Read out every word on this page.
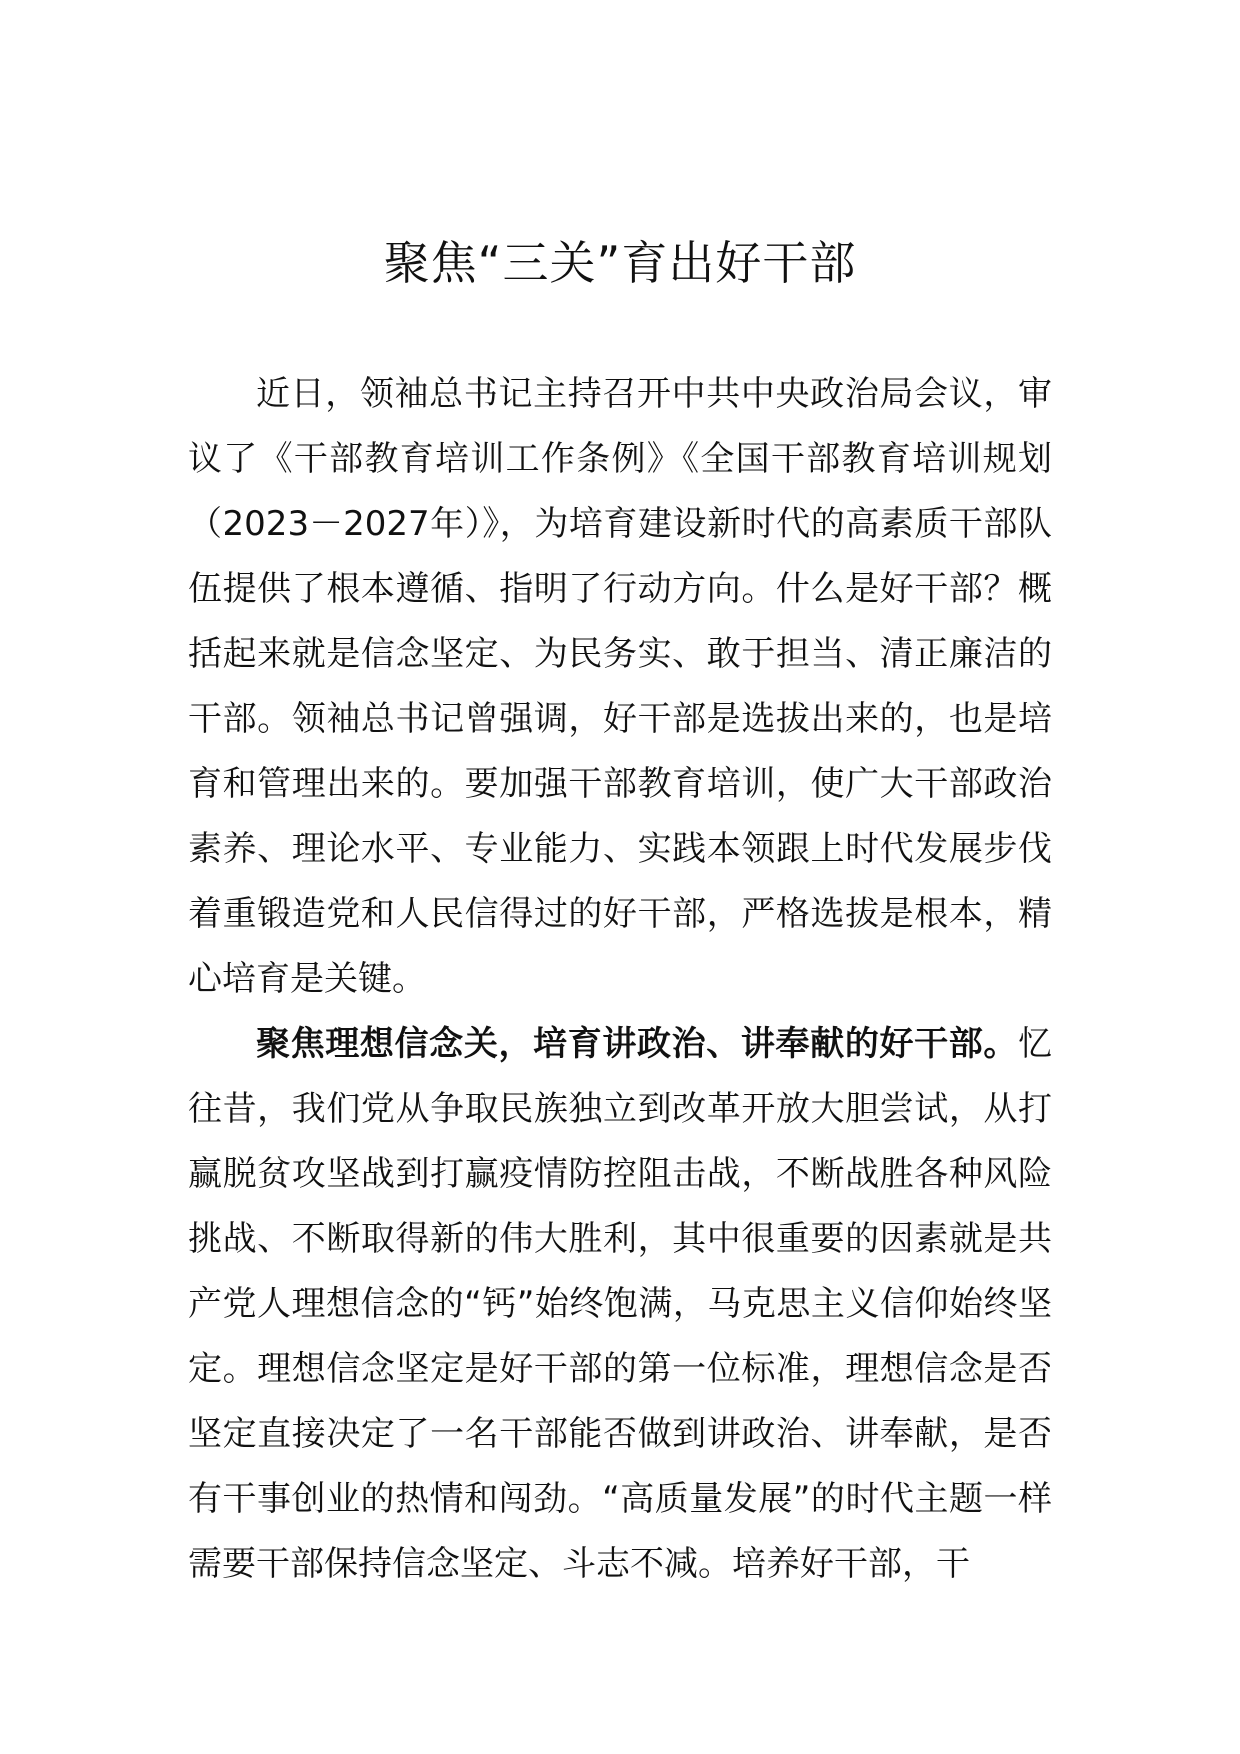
聚焦“三关”育出好干部

近日，领袖总书记主持召开中共中央政治局会议，审议了《干部教育培训工作条例》《全国干部教育培训规划（2023－2027年）》，为培育建设新时代的高素质干部队伍提供了根本遵循、指明了行动方向。什么是好干部？概括起来就是信念坚定、为民务实、敢于担当、清正廉洁的干部。领袖总书记曾强调，好干部是选拔出来的，也是培育和管理出来的。要加强干部教育培训，使广大干部政治素养、理论水平、专业能力、实践本领跟上时代发展步伐着重锻造党和人民信得过的好干部，严格选拔是根本，精心培育是关键。

聚焦理想信念关，培育讲政治、讲奉献的好干部。忆往昔，我们党从争取民族独立到改革开放大胆尝试，从打赢脱贫攻坚战到打赢疫情防控阻击战，不断战胜各种风险挑战、不断取得新的伟大胜利，其中很重要的因素就是共产党人理想信念的“钙”始终饱满，马克思主义信仰始终坚定。理想信念坚定是好干部的第一位标准，理想信念是否坚定直接决定了一名干部能否做到讲政治、讲奉献，是否有干事创业的热情和闯劲。“高质量发展”的时代主题一样需要干部保持信念坚定、斗志不减。培养好干部，干
